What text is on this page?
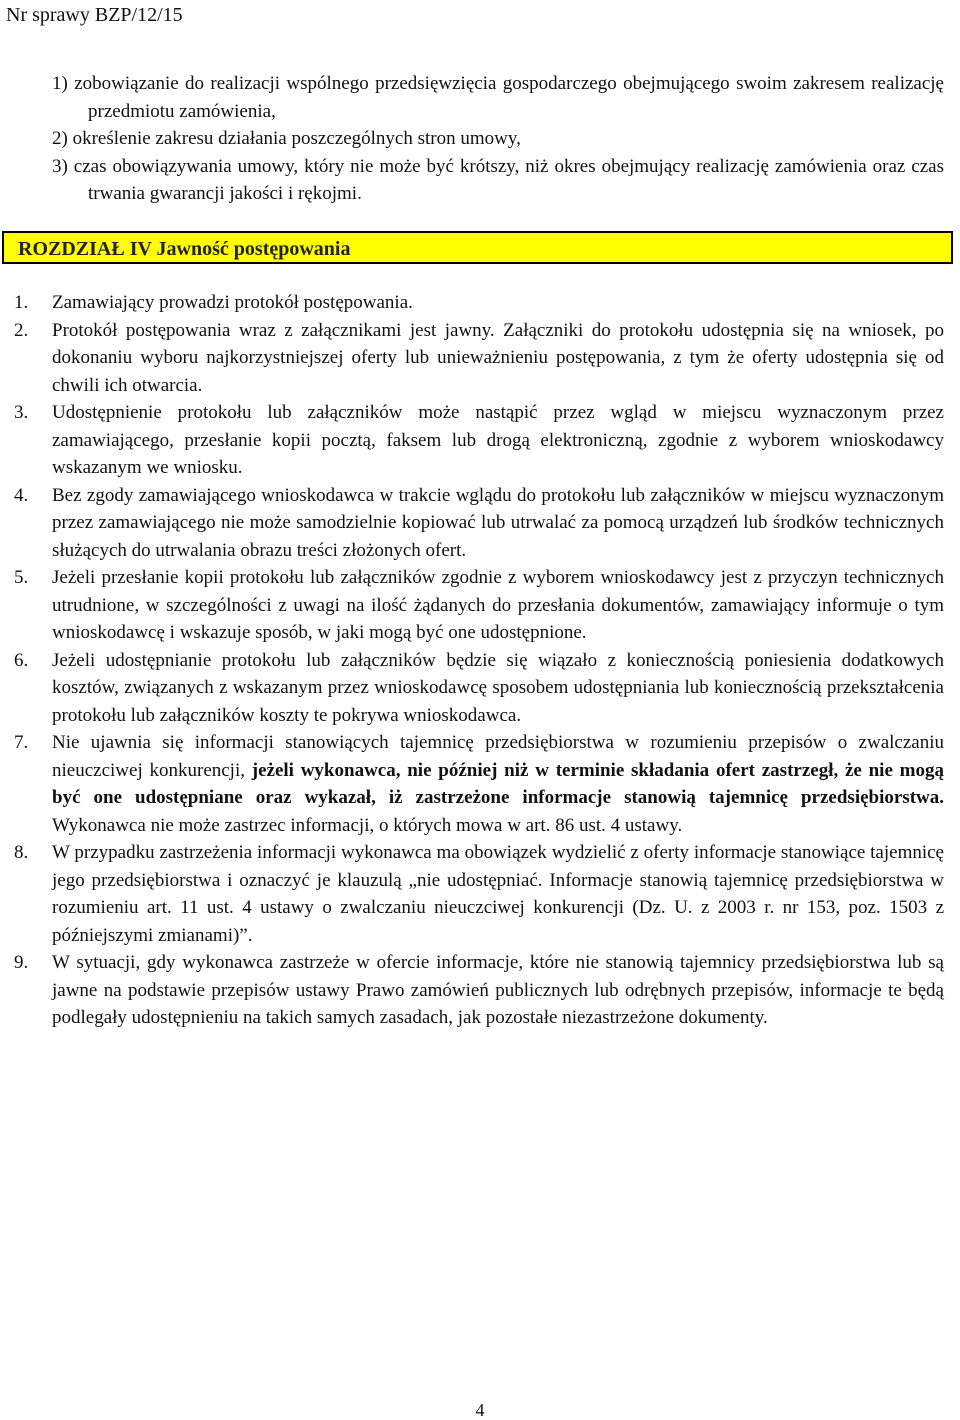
Nr sprawy BZP/12/15
1) zobowiązanie do realizacji wspólnego przedsięwzięcia gospodarczego obejmującego swoim zakresem realizację przedmiotu zamówienia,
2) określenie zakresu działania poszczególnych stron umowy,
3) czas obowiązywania umowy, który nie może być krótszy, niż okres obejmujący realizację zamówienia oraz czas trwania gwarancji jakości i rękojmi.
ROZDZIAŁ IV Jawność postępowania
1. Zamawiający prowadzi protokół postępowania.
2. Protokół postępowania wraz z załącznikami jest jawny. Załączniki do protokołu udostępnia się na wniosek, po dokonaniu wyboru najkorzystniejszej oferty lub unieważnieniu postępowania, z tym że oferty udostępnia się od chwili ich otwarcia.
3. Udostępnienie protokołu lub załączników może nastąpić przez wgląd w miejscu wyznaczonym przez zamawiającego, przesłanie kopii pocztą, faksem lub drogą elektroniczną, zgodnie z wyborem wnioskodawcy wskazanym we wniosku.
4. Bez zgody zamawiającego wnioskodawca w trakcie wglądu do protokołu lub załączników w miejscu wyznaczonym przez zamawiającego nie może samodzielnie kopiować lub utrwalać za pomocą urządzeń lub środków technicznych służących do utrwalania obrazu treści złożonych ofert.
5. Jeżeli przesłanie kopii protokołu lub załączników zgodnie z wyborem wnioskodawcy jest z przyczyn technicznych utrudnione, w szczególności z uwagi na ilość żądanych do przesłania dokumentów, zamawiający informuje o tym wnioskodawcę i wskazuje sposób, w jaki mogą być one udostępnione.
6. Jeżeli udostępnianie protokołu lub załączników będzie się wiązało z koniecznością poniesienia dodatkowych kosztów, związanych z wskazanym przez wnioskodawcę sposobem udostępniania lub koniecznością przekształcenia protokołu lub załączników koszty te pokrywa wnioskodawca.
7. Nie ujawnia się informacji stanowiących tajemnicę przedsiębiorstwa w rozumieniu przepisów o zwalczaniu nieuczciwej konkurencji, jeżeli wykonawca, nie później niż w terminie składania ofert zastrzegł, że nie mogą być one udostępniane oraz wykazał, iż zastrzeżone informacje stanowią tajemnicę przedsiębiorstwa. Wykonawca nie może zastrzec informacji, o których mowa w art. 86 ust. 4 ustawy.
8. W przypadku zastrzeżenia informacji wykonawca ma obowiązek wydzielić z oferty informacje stanowiące tajemnicę jego przedsiębiorstwa i oznaczyć je klauzulą „nie udostępniać. Informacje stanowią tajemnicę przedsiębiorstwa w rozumieniu art. 11 ust. 4 ustawy o zwalczaniu nieuczciwej konkurencji (Dz. U. z 2003 r. nr 153, poz. 1503 z późniejszymi zmianami)”.
9. W sytuacji, gdy wykonawca zastrzeże w ofercie informacje, które nie stanowią tajemnicy przedsiębiorstwa lub są jawne na podstawie przepisów ustawy Prawo zamówień publicznych lub odrębnych przepisów, informacje te będą podlegały udostępnieniu na takich samych zasadach, jak pozostałe niezastrzeżone dokumenty.
4
